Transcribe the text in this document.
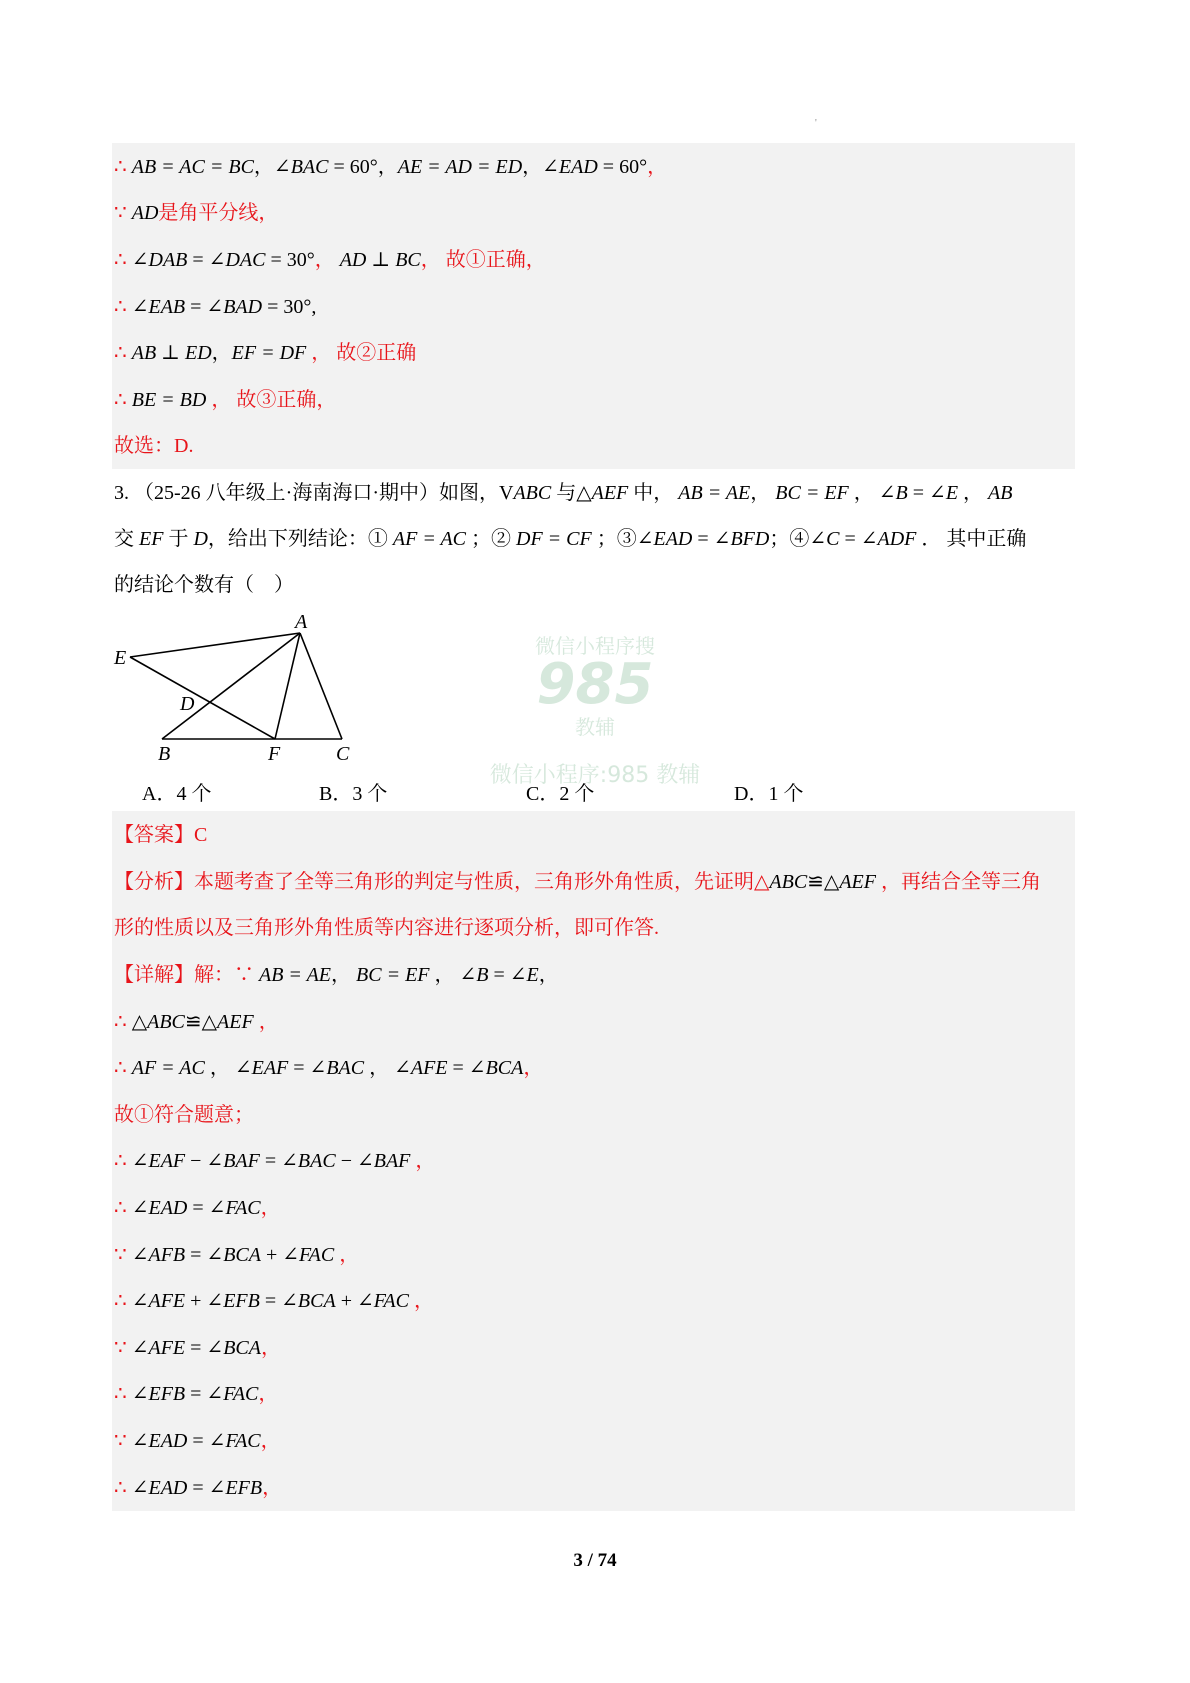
'
微信小程序搜
985
教辅
微信小程序:985 教辅
∴ AB = AC = BC，∠BAC = 60°，AE = AD = ED，∠EAD = 60°，
∵ AD是角平分线，
∴ ∠DAB = ∠DAC = 30°， AD ⊥ BC， 故①正确，
∴ ∠EAB = ∠BAD = 30°,
∴ AB ⊥ ED，EF = DF ， 故②正确
∴ BE = BD ， 故③正确，
故选：D.
3. （25-26 八年级上·海南海口·期中）如图，VABC 与△AEF 中， AB = AE， BC = EF ， ∠B = ∠E ， AB
交 EF 于 D，给出下列结论：① AF = AC ；② DF = CF ；③∠EAD = ∠BFD；④∠C = ∠ADF ． 其中正确
的结论个数有（　）
【答案】C
【分析】本题考查了全等三角形的判定与性质，三角形外角性质，先证明△ABC≌△AEF ，再结合全等三角
形的性质以及三角形外角性质等内容进行逐项分析，即可作答.
【详解】解：∵ AB = AE， BC = EF ， ∠B = ∠E，
∴ △ABC≌△AEF ，
∴ AF = AC ， ∠EAF = ∠BAC ， ∠AFE = ∠BCA，
故①符合题意；
∴ ∠EAF − ∠BAF = ∠BAC − ∠BAF ，
∴ ∠EAD = ∠FAC，
∵ ∠AFB = ∠BCA + ∠FAC ，
∴ ∠AFE + ∠EFB = ∠BCA + ∠FAC ，
∵ ∠AFE = ∠BCA，
∴ ∠EFB = ∠FAC，
∵ ∠EAD = ∠FAC，
∴ ∠EAD = ∠EFB，
A
E
D
B	F	C
A．4 个	B．3 个	C．2 个	D．1 个
3 / 74
